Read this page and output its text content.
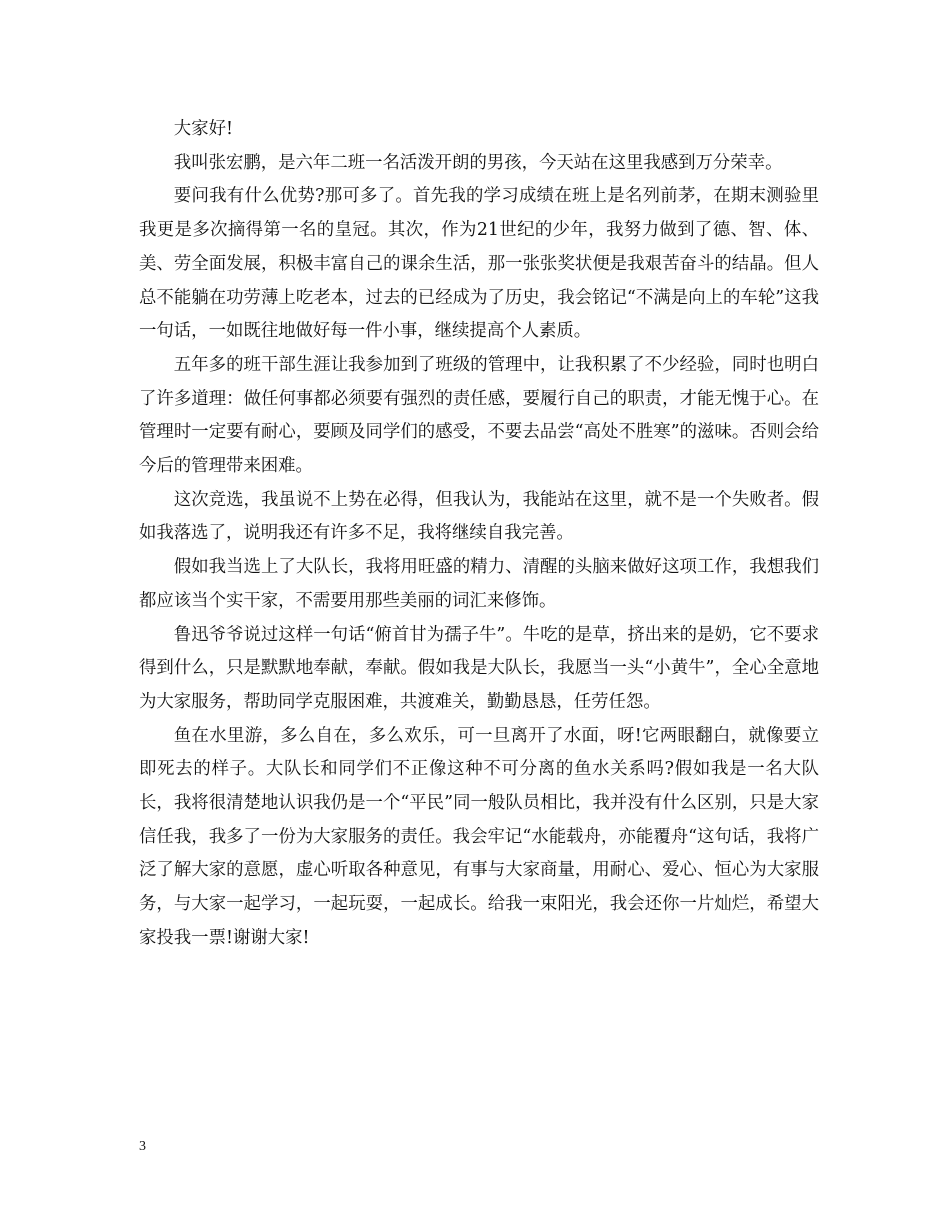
大家好!

我叫张宏鹏，是六年二班一名活泼开朗的男孩，今天站在这里我感到万分荣幸。

要问我有什么优势?那可多了。首先我的学习成绩在班上是名列前茅，在期末测验里我更是多次摘得第一名的皇冠。其次，作为21世纪的少年，我努力做到了德、智、体、美、劳全面发展，积极丰富自己的课余生活，那一张张奖状便是我艰苦奋斗的结晶。但人总不能躺在功劳薄上吃老本，过去的已经成为了历史，我会铭记“不满是向上的车轮”这我一句话，一如既往地做好每一件小事，继续提高个人素质。

五年多的班干部生涯让我参加到了班级的管理中，让我积累了不少经验，同时也明白了许多道理：做任何事都必须要有强烈的责任感，要履行自己的职责，才能无愧于心。在管理时一定要有耐心，要顾及同学们的感受，不要去品尝“高处不胜寒”的滋味。否则会给今后的管理带来困难。

这次竞选，我虽说不上势在必得，但我认为，我能站在这里，就不是一个失败者。假如我落选了，说明我还有许多不足，我将继续自我完善。

假如我当选上了大队长，我将用旺盛的精力、清醒的头脑来做好这项工作，我想我们都应该当个实干家，不需要用那些美丽的词汇来修饰。

鲁迅爷爷说过这样一句话“俯首甘为孺子牛”。牛吃的是草，挤出来的是奶，它不要求得到什么，只是默默地奉献，奉献。假如我是大队长，我愿当一头“小黄牛”，全心全意地为大家服务，帮助同学克服困难，共渡难关，勤勤恳恳，任劳任怨。

鱼在水里游，多么自在，多么欢乐，可一旦离开了水面，呀!它两眼翻白，就像要立即死去的样子。大队长和同学们不正像这种不可分离的鱼水关系吗?假如我是一名大队长，我将很清楚地认识我仍是一个“平民”同一般队员相比，我并没有什么区别，只是大家信任我，我多了一份为大家服务的责任。我会牢记“水能载舟，亦能覆舟“这句话，我将广泛了解大家的意愿，虚心听取各种意见，有事与大家商量，用耐心、爱心、恒心为大家服务，与大家一起学习，一起玩耍，一起成长。给我一束阳光，我会还你一片灿烂，希望大家投我一票!谢谢大家!

3
